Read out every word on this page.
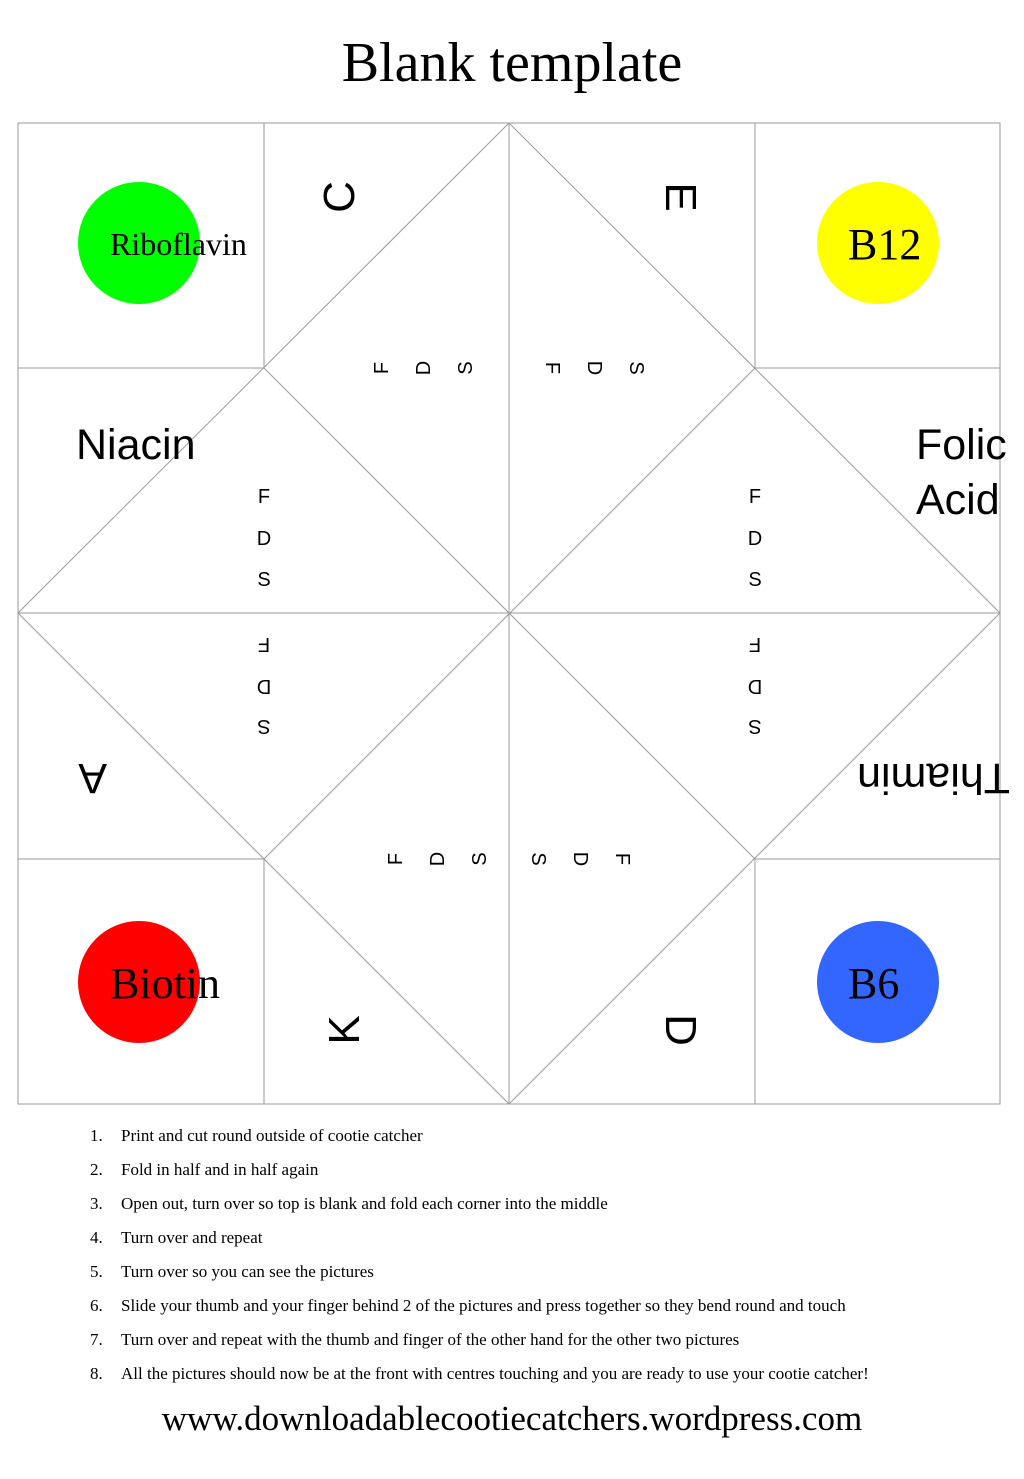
Blank template
Riboflavin	B12
Biotin	B6
Niacin	Folic
Acid
Thiamin
A
C	E
K	D
F D S	S
D
F
F
D
S
F
D
S
F
D
S
F
D
S
F D S S D F
1.	Print and cut round outside of cootie catcher
2.	Fold in half and in half again
3.	Open out, turn over so top is blank and fold each corner into the middle
4.	Turn over and repeat
5.	Turn over so you can see the pictures
6.	Slide your thumb and your finger behind 2 of the pictures and press together so they bend round and touch
7.	Turn over and repeat with the thumb and finger of the other hand for the other two pictures
8.	All the pictures should now be at the front with centres touching and you are ready to use your cootie catcher!
www.downloadablecootiecatchers.wordpress.com
